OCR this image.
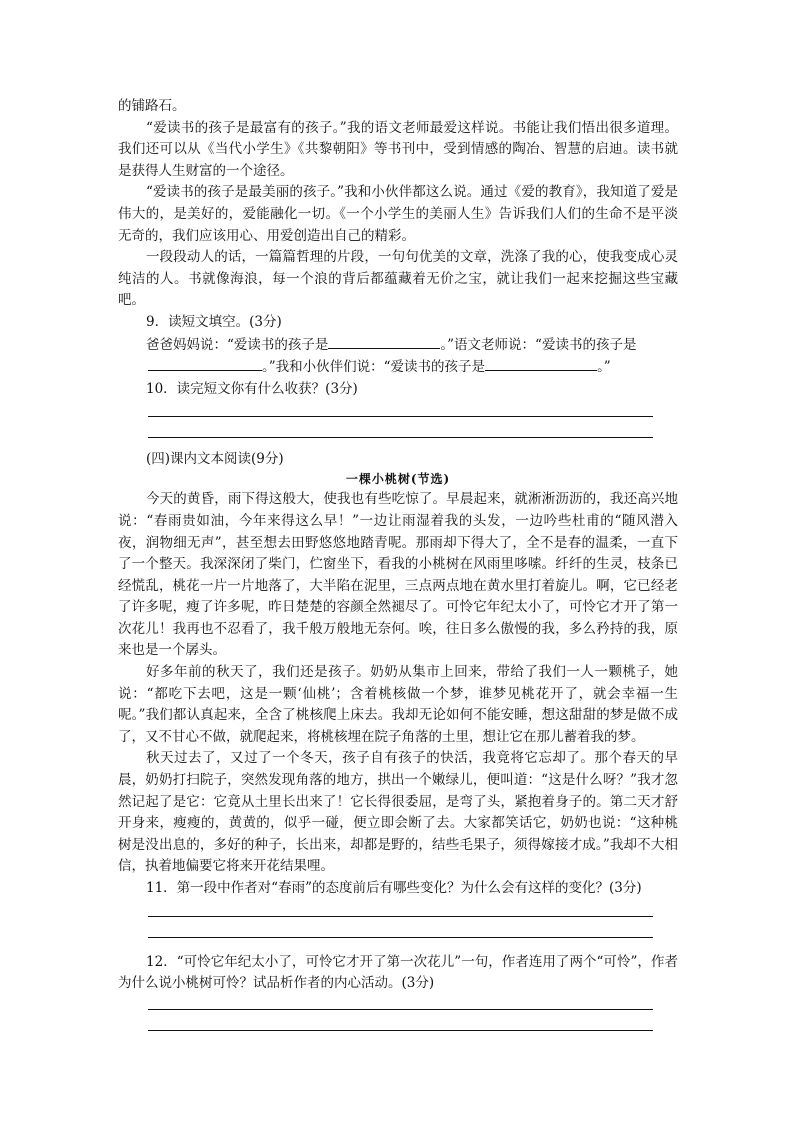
的铺路石。

“爱读书的孩子是最富有的孩子。”我的语文老师最爱这样说。书能让我们悟出很多道理。我们还可以从《当代小学生》《共黎朝阳》等书刊中，受到情感的陶冶、智慧的启迪。读书就是获得人生财富的一个途径。

“爱读书的孩子是最美丽的孩子。”我和小伙伴都这么说。通过《爱的教育》，我知道了爱是伟大的，是美好的，爱能融化一切。《一个小学生的美丽人生》告诉我们人们的生命不是平淡无奇的，我们应该用心、用爱创造出自己的精彩。

一段段动人的话，一篇篇哲理的片段，一句句优美的文章，洗涤了我的心，使我变成心灵纯洁的人。书就像海浪，每一个浪的背后都蕴藏着无价之宝，就让我们一起来挖掘这些宝藏吧。

9．读短文填空。(3分)

爸爸妈妈说：“爱读书的孩子是	。”语文老师说：“爱读书的孩子是
。”我和小伙伴们说：“爱读书的孩子是	。”

10．读完短文你有什么收获？(3分)

(四)课内文本阅读(9分)

一棵小桃树(节选)

今天的黄昏，雨下得这般大，使我也有些吃惊了。早晨起来，就淅淅沥沥的，我还高兴地说：“春雨贵如油，今年来得这么早！”一边让雨湿着我的头发，一边吟些杜甫的“随风潜入夜，润物细无声”，甚至想去田野悠悠地踏青呢。那雨却下得大了，全不是春的温柔，一直下了一个整天。我深深闭了柴门，伫窗坐下，看我的小桃树在风雨里哆嗦。纤纤的生灵，枝条已经慌乱，桃花一片一片地落了，大半陷在泥里，三点两点地在黄水里打着旋儿。啊，它已经老了许多呢，瘦了许多呢，昨日楚楚的容颜全然褪尽了。可怜它年纪太小了，可怜它才开了第一次花儿！我再也不忍看了，我千般万般地无奈何。唉，往日多么傲慢的我，多么矜持的我，原来也是一个孱头。

好多年前的秋天了，我们还是孩子。奶奶从集市上回来，带给了我们一人一颗桃子，她说：“都吃下去吧，这是一颗‘仙桃’；含着桃核做一个梦，谁梦见桃花开了，就会幸福一生呢。”我们都认真起来，全含了桃核爬上床去。我却无论如何不能安睡，想这甜甜的梦是做不成了，又不甘心不做，就爬起来，将桃核埋在院子角落的土里，想让它在那儿蓄着我的梦。

秋天过去了，又过了一个冬天，孩子自有孩子的快活，我竟将它忘却了。那个春天的早晨，奶奶打扫院子，突然发现角落的地方，拱出一个嫩绿儿，便叫道：“这是什么呀？”我才忽然记起了是它：它竟从土里长出来了！它长得很委屈，是弯了头，紧抱着身子的。第二天才舒开身来，瘦瘦的，黄黄的，似乎一碰，便立即会断了去。大家都笑话它，奶奶也说：“这种桃树是没出息的，多好的种子，长出来，却都是野的，结些毛果子，须得嫁接才成。”我却不大相信，执着地偏要它将来开花结果哩。

11．第一段中作者对“春雨”的态度前后有哪些变化？为什么会有这样的变化？(3分)

12．“可怜它年纪太小了，可怜它才开了第一次花儿”一句，作者连用了两个“可怜”，作者为什么说小桃树可怜？试品析作者的内心活动。(3分)
